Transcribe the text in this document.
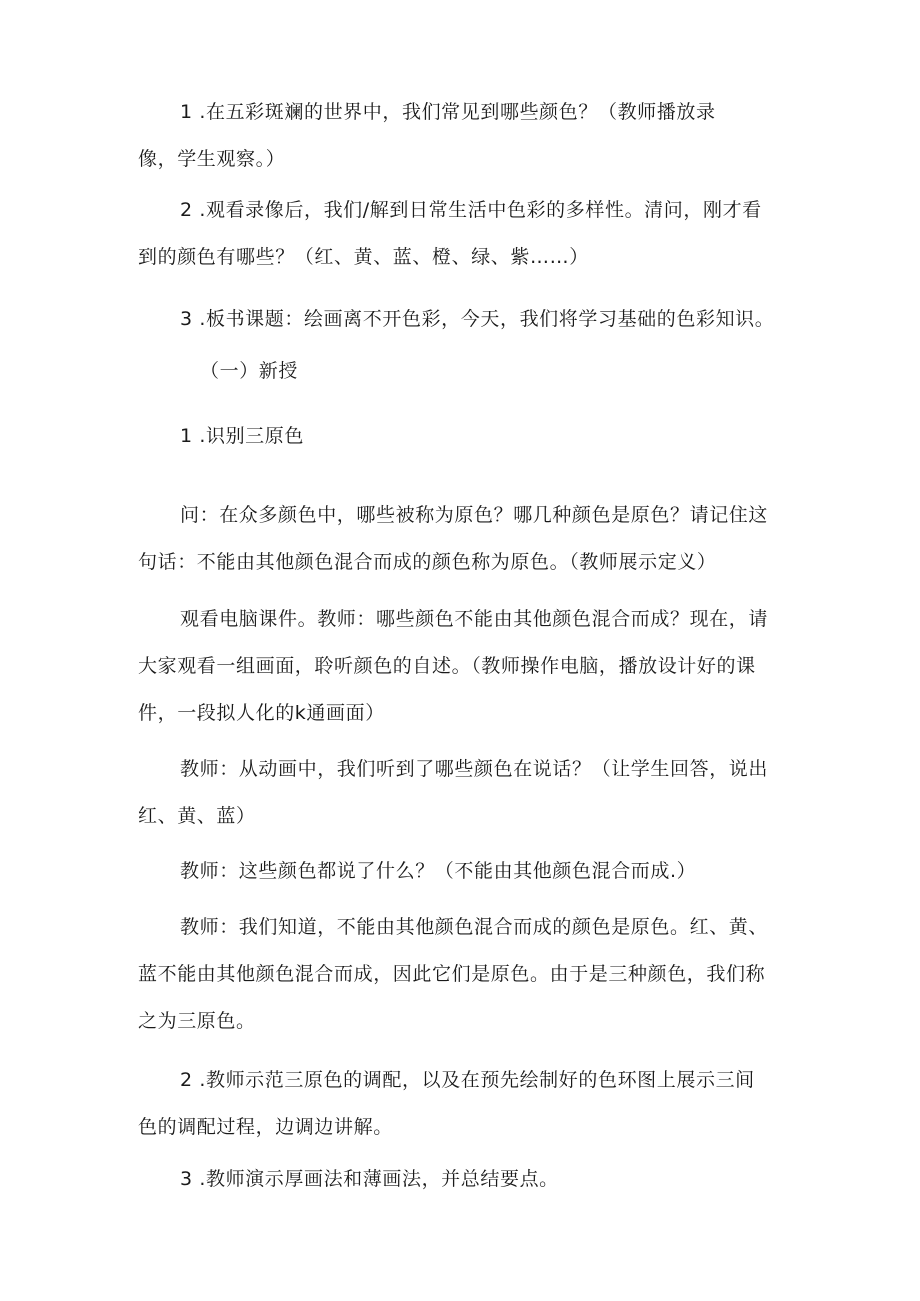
1 .在五彩斑斓的世界中，我们常见到哪些颜色？（教师播放录
像，学生观察。）

2 .观看录像后，我们/解到日常生活中色彩的多样性。清问，刚才看
到的颜色有哪些？（红、黄、蓝、橙、绿、紫……）

3 .板书课题：绘画离不开色彩，今天，我们将学习基础的色彩知识。

（一）新授

1 .识别三原色

问：在众多颜色中，哪些被称为原色？哪几种颜色是原色？请记住这
句话：不能由其他颜色混合而成的颜色称为原色。（教师展示定义）

观看电脑课件。教师：哪些颜色不能由其他颜色混合而成？现在，请
大家观看一组画面，聆听颜色的自述。（教师操作电脑，播放设计好的课
件，一段拟人化的k通画面）

教师：从动画中，我们听到了哪些颜色在说话？（让学生回答，说出
红、黄、蓝）

教师：这些颜色都说了什么？（不能由其他颜色混合而成.）

教师：我们知道，不能由其他颜色混合而成的颜色是原色。红、黄、
蓝不能由其他颜色混合而成，因此它们是原色。由于是三种颜色，我们称
之为三原色。

2 .教师示范三原色的调配，以及在预先绘制好的色环图上展示三间
色的调配过程，边调边讲解。

3 .教师演示厚画法和薄画法，并总结要点。
